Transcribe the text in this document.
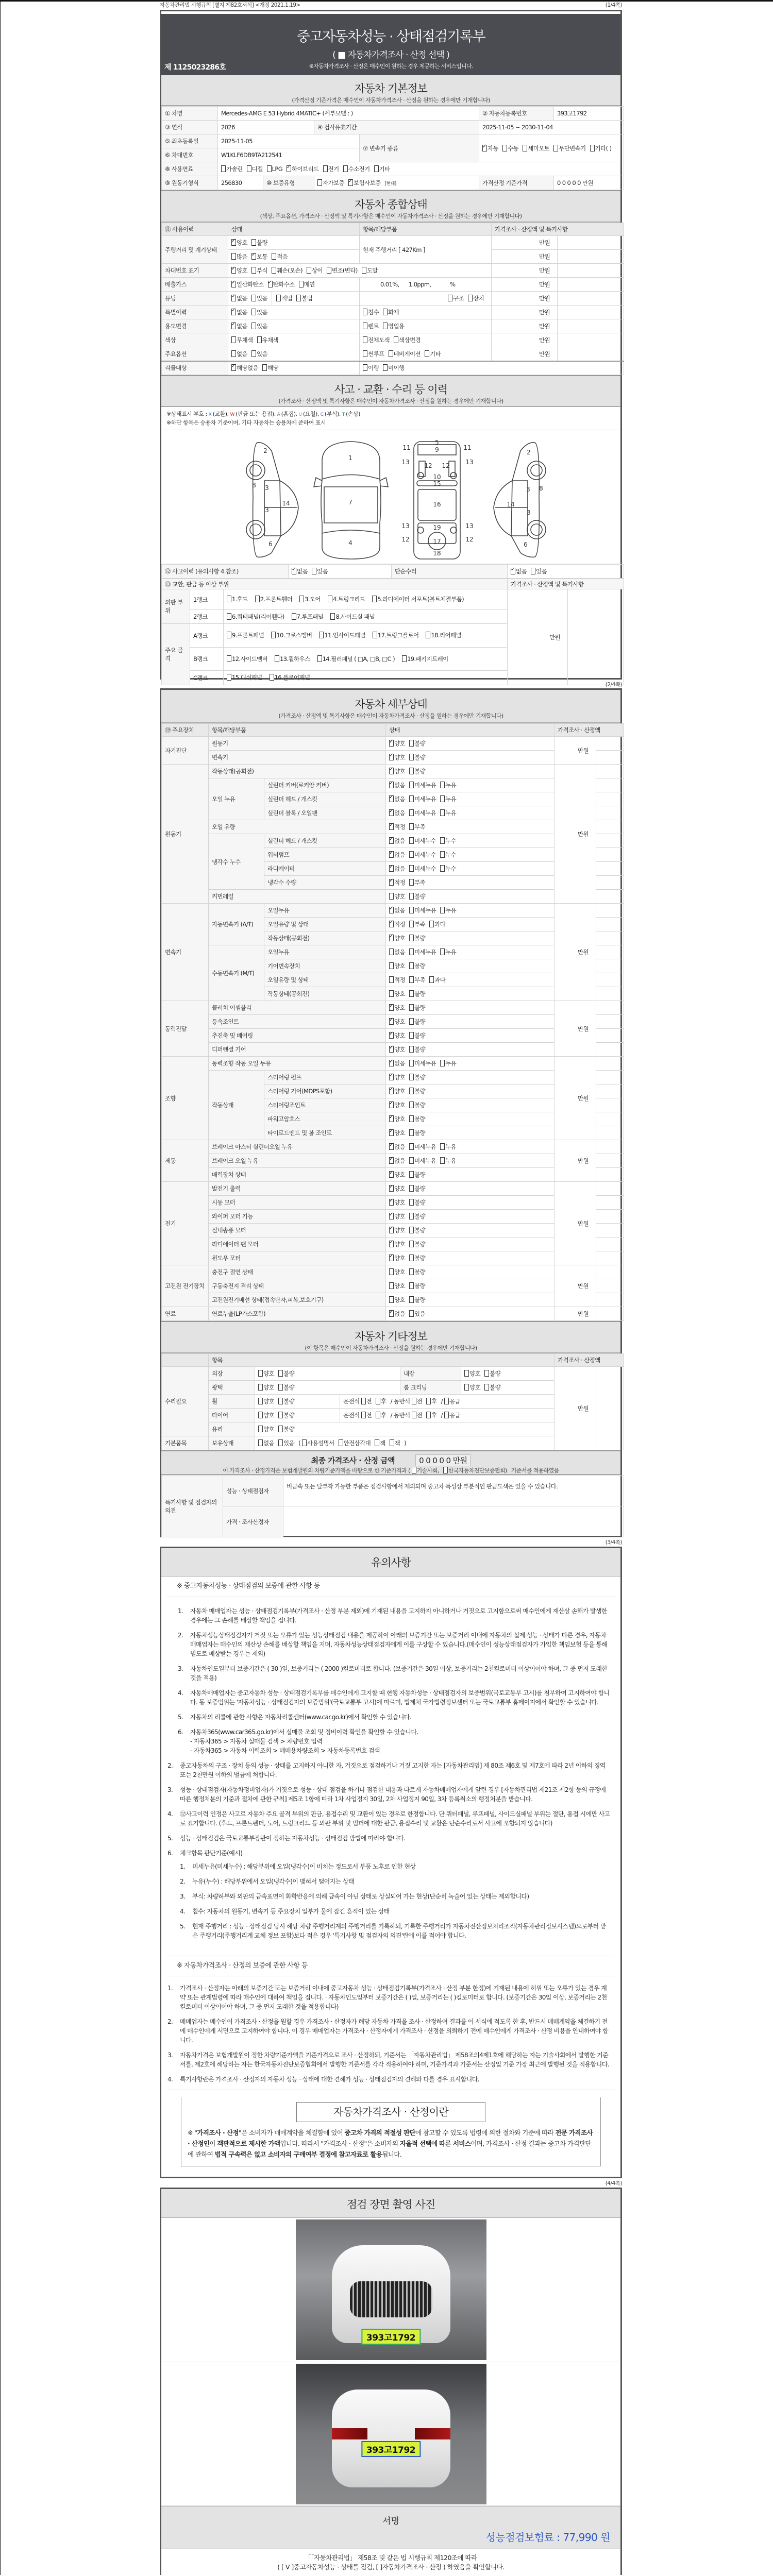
자동차관리법 시행규칙 [별지 제82호서식] <개정 2021.1.19>	(1/4쪽)
중고자동차성능 · 상태점검기록부
( ■ 자동차가격조사 · 산정 선택 )
※자동차가격조사 · 산정은 매수인이 원하는 경우 제공하는 서비스입니다.
제 1125023286호
자동차 기본정보
(가격산정 기준가격은 매수인이 자동차가격조사 · 산정을 원하는 경우에만 기재합니다)
① 차명	Mercedes-AMG E 53 Hybrid 4MATIC+ (세부모델 : )				② 자동차등록번호	393고1792
③ 연식	2026		④ 검사유효기간		2025-11-05 ~ 2030-11-04	
⑤ 최초등록일	2025-11-05			⑦ 변속기 종류	✓자동 수동 세미오토 무단변속기 기타( )
⑥ 차대번호	W1KLF6DB9TA212541					
⑧ 사용연료	가솔린 디젤 LPG ✓ 하이브리드 전기 수소전기 기타
⑨ 원동기형식	256830	⑩ 보증유형	자가보증 ✓ 보험사보증 [현대]		가격산정 기준가격	0 0 0 0 0 만원
자동차 종합상태
(색상, 주요옵션, 가격조사 · 산정액 및 특기사항은 매수인이 자동차가격조사 · 산정을 원하는 경우에만 기재합니다)
⑪ 사용이력	상태	항목/해당부품	가격조사 · 산정액 및 특기사항	
주행거리 및 계기상태	✓양호 불량	현재 주행거리 [ 427Km ]	만원	
	많음 ✓ 보통 적음		만원	
차대번호 표기	✓양호 부식 훼손(오손) 상이 변조(변타) 도말		만원	
배출가스	✓일산화탄소 ✓ 탄화수소 매연	0.01%,      1.0ppm,            %	만원	
튜닝	✓없음 있음 적법 불법	구조 장치	만원	
특별이력	✓없음 있음	침수 화재	만원	
용도변경	✓없음 있음	렌트 영업용	만원	
색상	무채색 유채색	전체도색 색상변경	만원	
주요옵션	없음 있음	썬루프 네비게이션 기타	만원	
리콜대상	✓해당없음 해당	이행 미이행		
사고 · 교환 · 수리 등 이력
(가격조사 · 산정액 및 특기사항은 매수인이 자동차가격조사 · 산정을 원하는 경우에만 기재합니다)
※상태표시 부호 : X (교환), W (판금 또는 용접), A (흠집), U (요철), C (부식), T (손상)
※하단 항목은 승용차 기준이며, 기타 자동차는 승용차에 준하여 표시
2
8 3
14
3
6
1
7
4
5
9
11	11
13	13
12 12
10
15
16
13	13
19
12	17	12
18
2
8
3
14
3
6
⑫ 사고이력 (유의사항 4.참조)	✓없음 있음	단순수리	✓없음 있음
⑬ 교환, 판금 등 이상 부위			가격조사 · 산정액 및 특기사항	
외판 부위	1랭크	1.후드 2.프론트휀더 3.도어 4.트렁크리드 5.라디에이터 서포트(볼트체결부품)	만원	
	2랭크	6.쿼터패널(리어휀다) 7.루프패널 8.사이드실 패널		
주요 골격	A랭크	9.프론트패널 10.크로스멤버 11.인사이드패널 17.트렁크플로어 18.리어패널		
	B랭크	12.사이드멤버 13.휠하우스 14.필러패널 ( □A, □B, □C ) 19.패키지트레이		
	C랭크	15.대쉬패널 16.플로어패널		
(2/4쪽)
자동차 세부상태
(가격조사 · 산정액 및 특기사항은 매수인이 자동차가격조사 · 산정을 원하는 경우에만 기재합니다)
⑲ 주요장치	항목/해당부품		상태	가격조사 · 산정액	
자기진단	원동기	✓양호 불량	만원	
	변속기	✓양호 불량	
원동기	작동상태(공회전)	✓양호 불량	만원	
	오일 누유	실린더 커버(로커암 커버)	✓없음 미세누유 누유	
		실린더 헤드 / 개스킷	✓없음 미세누유 누유	
		실린더 블록 / 오일팬	✓없음 미세누유 누유	
	오일 유량	✓적정 부족	
	냉각수 누수	실린더 헤드 / 개스킷	✓없음 미세누수 누수	
		워터펌프	✓없음 미세누수 누수	
		라디에이터	✓없음 미세누수 누수	
		냉각수 수량	✓적정 부족	
	커먼레일		양호 불량		
변속기	자동변속기 (A/T)	오일누유	✓없음 미세누유 누유	만원	
		오일유량 및 상태	✓적정 부족 과다	
		작동상태(공회전)	✓양호 불량	
	수동변속기 (M/T)	오일누유	없음 미세누유 누유		
		기어변속장치	양호 불량		
		오일유량 및 상태	적정 부족 과다		
		작동상태(공회전)	양호 불량		
동력전달	클러치 어셈블리	✓양호 불량	만원	
	등속조인트	✓양호 불량	
	추진축 및 베어링	✓양호 불량	
	디퍼렌셜 기어	✓양호 불량	
조향	동력조향 작동 오일 누유	✓없음 미세누유 누유	만원	
	작동상태	스티어링 펌프	✓양호 불량	
		스티어링 기어(MDPS포함)	✓양호 불량	
		스티어링조인트	✓양호 불량	
		파워고압호스	✓양호 불량	
		타이로드엔드 및 볼 조인트	✓양호 불량	
제동	브레이크 마스터 실린더오일 누유	✓없음 미세누유 누유	만원	
	브레이크 오일 누유	✓없음 미세누유 누유	
	배력장치 상태	✓양호 불량	
전기	발전기 출력	✓양호 불량	만원	
	시동 모터	✓양호 불량	
	와이퍼 모터 기능	✓양호 불량	
	실내송풍 모터	✓양호 불량	
	라디에이터 팬 모터	✓양호 불량	
	윈도우 모터	✓양호 불량	
고전원 전기장치	충전구 절연 상태		양호 불량	만원	
	구동축전지 격리 상태		양호 불량		
	고전원전기배선 상태(접속단자,피복,보호기구)		양호 불량		
연료	연료누출(LP가스포함)	✓없음 있음	만원	
자동차 기타정보
(이 항목은 매수인이 자동차가격조사 · 산정을 원하는 경우에만 기재합니다)
	항목					가격조사 · 산정액	
수리필요	외장	양호 불량		내장	양호 불량	만원	
	광택	양호 불량		룸 크리닝	양호 불량		
	휠	양호 불량	운전석 전 후 / 동반석 전 후 / 응급				
	타이어	양호 불량	운전석 전 후 / 동반석 전 후 / 응급				
	유리	양호 불량					
기본품목	보유상태	없음 있음 ( 사용설명서 안전삼각대 잭 잭 )					
최종 가격조사 · 산정 금액	0 0 0 0 0 만원
이 가격조사 · 산정가격은 보험개발원의 차량기준가액을 바탕으로 한 기준가격과 ( 기술사회, 한국자동차진단보증협회) 기준서를 적용하였음
특기사항 및 점검자의 의견	성능 · 상태점검자	비금속 또는 탈부착 가능한 부품은 점검사항에서 제외되며 중고차 특성상 부분적인 판금도색은 있을 수 있습니다.
	가격 · 조사산정자	
(3/4쪽)
유의사항
※ 중고자동차성능 · 상태점검의 보증에 관한 사항 등
1.	자동차 매매업자는 성능 · 상태점검기록부(가격조사 · 산정 부분 제외)에 기재된 내용을 고지하지 아니하거나 거짓으로 고지함으로써 매수인에게 재산상 손해가 발생한 경우에는 그 손해를 배상할 책임을 집니다.
2.	자동차성능상태점검자가 거짓 또는 오류가 있는 성능상태점검 내용을 제공하여 아래의 보증기간 또는 보증거리 이내에 자동차의 실제 성능 · 상태가 다른 경우, 자동차매매업자는 매수인의 재산상 손해를 배상할 책임을 지며, 자동차성능상태점검자에게 이를 구상할 수 있습니다.(매수인이 성능상태점검자가 가입한 책임보험 등을 통해 별도로 배상받는 경우는 제외)
3.	자동차인도일부터 보증기간은 ( 30 )일, 보증거리는 ( 2000 )킬로미터로 합니다. (보증기간은 30일 이상, 보증거리는 2천킬로미터 이상이어야 하며, 그 중 먼저 도래한 것을 적용)
4.	자동차매매업자는 중고자동차 성능 · 상태점검기록부를 매수인에게 고지할 때 현행 자동차성능 · 상태점검자의 보증범위(국토교통부 고시)를 첨부하여 고지하여야 합니다. 동 보증범위는 '자동차성능 · 상태점검자의 보증범위'(국토교통부 고시)에 따르며, 법제처 국가법령정보센터 또는 국토교통부 홈페이지에서 확인할 수 있습니다.
5.	자동차의 리콜에 관한 사항은 자동차리콜센터(www.car.go.kr)에서 확인할 수 있습니다.
6.	자동차365(www.car365.go.kr)에서 실매물 조회 및 정비이력 확인을 확인할 수 있습니다.
- 자동차365 > 자동차 실매물 검색 > 차량번호 입력
- 자동차365 > 자동차 이력조회 > 매매용차량조회 > 자동차등록번호 검색
2.	중고자동차의 구조 · 장치 등의 성능 · 상태를 고지하지 아니한 자, 거짓으로 점검하거나 거짓 고지한 자는 [자동차관리법] 제 80조 제6호 및 제7호에 따라 2년 이하의 징역 또는 2천만원 이하의 벌금에 처합니다.
3.	성능 · 상태점검자(자동차정비업자)가 거짓으로 성능 · 상태 점검을 하거나 점검한 내용과 다르게 자동차매매업자에게 알린 경우 [자동차관리법 제21조 제2항 등의 규정에 따른 행정처분의 기준과 절차에 관한 규칙] 제5조 1항에 따라 1차 사업정지 30일, 2차 사업정지 90일, 3차 등록취소의 행정처분을 받습니다.
4.	⑫사고이력 인정은 사고로 자동차 주요 골격 부위의 판금, 용접수리 및 교환이 있는 경우로 한정합니다. 단 쿼터패널, 루프패널, 사이드실패널 부위는 절단, 용접 시에만 사고로 표기합니다. (후드, 프론트펜더, 도어, 트렁크리드 등 외판 부위 및 범퍼에 대한 판금, 용접수리 및 교환은 단순수리로서 사고에 포함되지 않습니다)
5.	성능 · 상태점검은 국토교통부장관이 정하는 자동차성능 · 상태점검 방법에 따라야 합니다.
6.	체크항목 판단기준(예시)
1.	미세누유(미세누수) : 해당부위에 오일(냉각수)이 비치는 정도로서 부품 노후로 인한 현상
2.	누유(누수) : 해당부위에서 오일(냉각수)이 맺혀서 떨어지는 상태
3.	부식: 차량하부와 외판의 금속표면이 화학반응에 의해 금속이 아닌 상태로 상실되어 가는 현상(단순히 녹슬어 있는 상태는 제외합니다)
4.	침수: 자동차의 원동기, 변속기 등 주요장치 일부가 물에 잠긴 흔적이 있는 상태
5.	현재 주행거리 : 성능 · 상태점검 당시 해당 차량 주행거리계의 주행거리를 기록하되, 기록한 주행거리가 자동차전산정보처리조직(자동차관리정보시스템)으로부터 받은 주행거리(주행거리계 교체 정보 포함)보다 적은 경우 '특기사항 및 점검자의 의견'란에 이를 적어야 합니다.
※ 자동차가격조사 · 산정의 보증에 관한 사항 등
1.	가격조사 · 산정자는 아래의 보증기간 또는 보증거리 이내에 중고자동차 성능 · 상태점검기록부(가격조사 · 산정 부분 한정)에 기재된 내용에 허위 또는 오류가 있는 경우 계약 또는 관계법령에 따라 매수인에 대하여 책임을 집니다. · 자동차인도일부터 보증기간은 ( )일, 보증거리는 ( )킬로미터로 합니다. (보증기간은 30일 이상, 보증거리는 2천킬로미터 이상이어야 하며, 그 중 먼저 도래한 것을 적용합니다)
2.	매매업자는 매수인이 가격조사 · 산정을 원할 경우 가격조사 · 산정자가 해당 자동차 가격을 조사 · 산정하여 결과를 이 서식에 적도록 한 후, 반드시 매매계약을 체결하기 전에 매수인에게 서면으로 고지하여야 합니다. 이 경우 매매업자는 가격조사 · 산정자에게 가격조사 · 산정을 의뢰하기 전에 매수인에게 가격조사 · 산정 비용을 안내하여야 합니다.
3.	자동차가격은 보험개발원이 정한 차량기준가액을 기준가격으로 조사 · 산정하되, 기준서는 「자동차관리법」 제58조의4제1호에 해당하는 자는 기술사회에서 발행한 기준서를, 제2호에 해당하는 자는 한국자동차진단보증협회에서 발행한 기준서를 각각 적용하여야 하며, 기준가격과 기준서는 산정일 기준 가장 최근에 발행된 것을 적용합니다.
4.	특기사항란은 가격조사 · 산정자의 자동차 성능 · 상태에 대한 견해가 성능 · 상태점검자의 견해와 다를 경우 표시합니다.
자동차가격조사 · 산정이란
※ "가격조사 · 산정"은 소비자가 매매계약을 체결함에 있어 중고차 가격의 적절성 판단에 참고할 수 있도록 법령에 의한 절차와 기준에 따라 전문 가격조사 · 산정인이 객관적으로 제시한 가액입니다. 따라서 "가격조사 · 산정"은 소비자의 자율적 선택에 따른 서비스이며, 가격조사 · 산정 결과는 중고차 가격판단에 관하여 법적 구속력은 없고 소비자의 구매여부 결정에 참고자료로 활용됩니다.
(4/4쪽)
점검 장면 촬영 사진
393고1792
393고1792
서명
성능점검보험료 : 77,990 원
「「자동차관리법」 제58조 및 같은 법 시행규칙 제120조에 따라
( [ V ]중고자동차성능 · 상태를 점검, [ ]자동차가격조사 · 산정 ) 하였음을 확인합니다.
